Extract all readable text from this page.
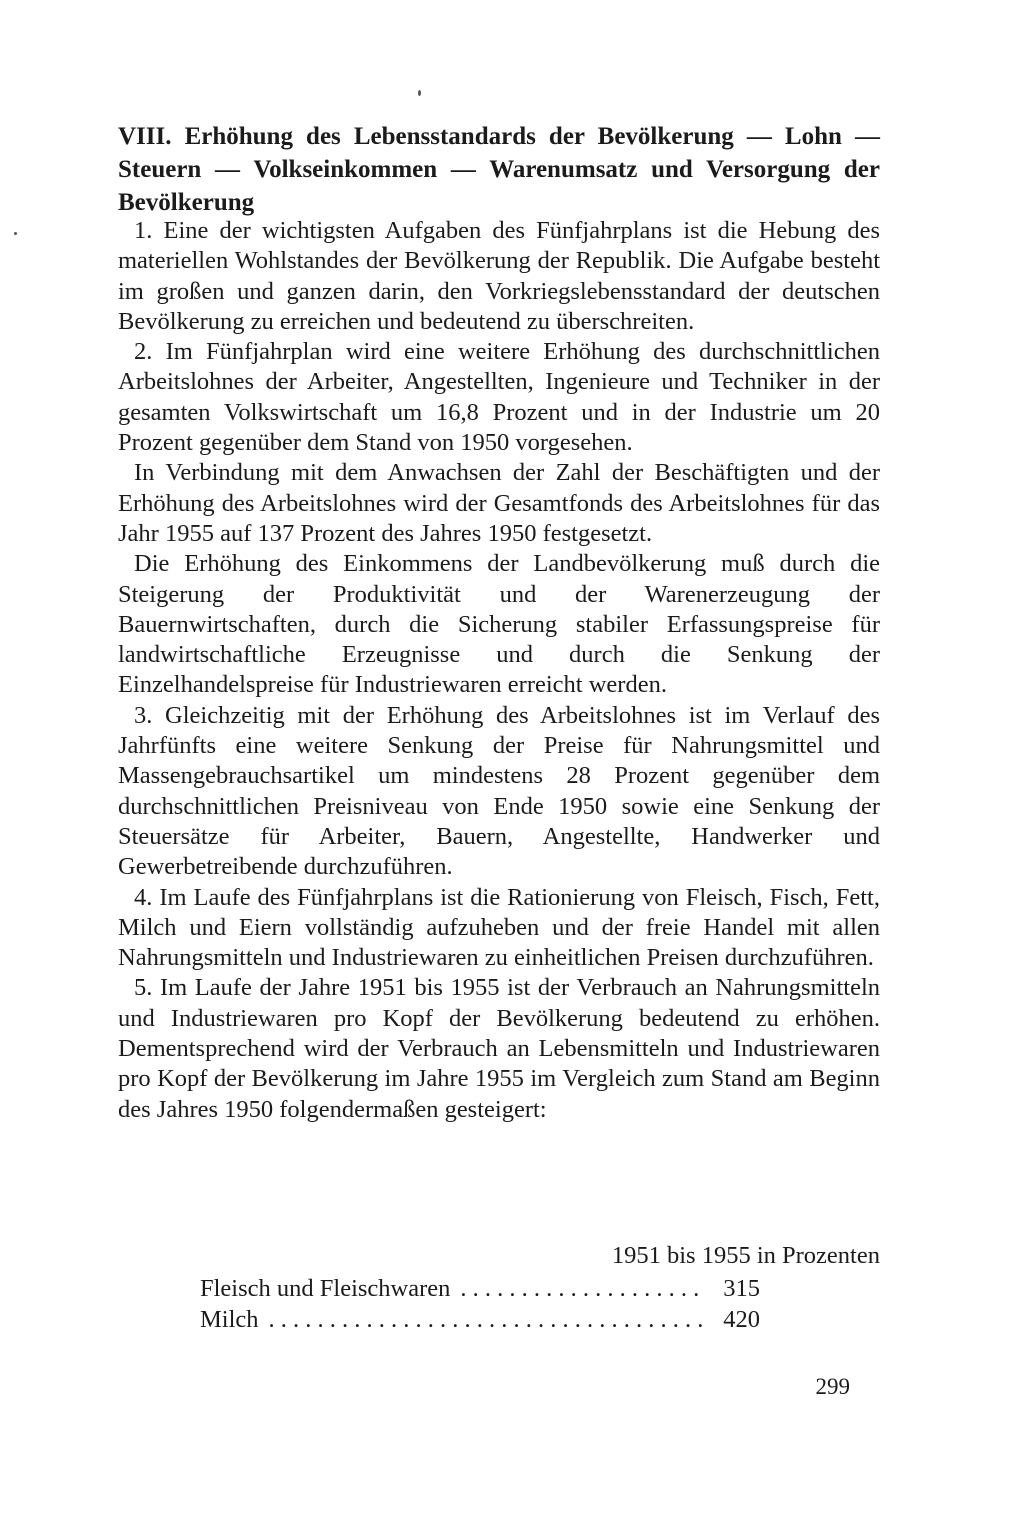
VIII. Erhöhung des Lebensstandards der Bevölkerung — Lohn — Steuern — Volkseinkommen — Warenumsatz und Versorgung der Bevölkerung

1. Eine der wichtigsten Aufgaben des Fünfjahrplans ist die Hebung des materiellen Wohlstandes der Bevölkerung der Republik. Die Aufgabe besteht im großen und ganzen darin, den Vorkriegslebensstandard der deutschen Bevölkerung zu erreichen und bedeutend zu überschreiten.

2. Im Fünfjahrplan wird eine weitere Erhöhung des durchschnittlichen Arbeitslohnes der Arbeiter, Angestellten, Ingenieure und Techniker in der gesamten Volkswirtschaft um 16,8 Prozent und in der Industrie um 20 Prozent gegenüber dem Stand von 1950 vorgesehen.

In Verbindung mit dem Anwachsen der Zahl der Beschäftigten und der Erhöhung des Arbeitslohnes wird der Gesamtfonds des Arbeitslohnes für das Jahr 1955 auf 137 Prozent des Jahres 1950 festgesetzt.

Die Erhöhung des Einkommens der Landbevölkerung muß durch die Steigerung der Produktivität und der Warenerzeugung der Bauernwirtschaften, durch die Sicherung stabiler Erfassungspreise für landwirtschaftliche Erzeugnisse und durch die Senkung der Einzelhandelspreise für Industriewaren erreicht werden.

3. Gleichzeitig mit der Erhöhung des Arbeitslohnes ist im Verlauf des Jahrfünfts eine weitere Senkung der Preise für Nahrungsmittel und Massengebrauchsartikel um mindestens 28 Prozent gegenüber dem durchschnittlichen Preisniveau von Ende 1950 sowie eine Senkung der Steuersätze für Arbeiter, Bauern, Angestellte, Handwerker und Gewerbetreibende durchzuführen.

4. Im Laufe des Fünfjahrplans ist die Rationierung von Fleisch, Fisch, Fett, Milch und Eiern vollständig aufzuheben und der freie Handel mit allen Nahrungsmitteln und Industriewaren zu einheitlichen Preisen durchzuführen.

5. Im Laufe der Jahre 1951 bis 1955 ist der Verbrauch an Nahrungsmitteln und Industriewaren pro Kopf der Bevölkerung bedeutend zu erhöhen. Dementsprechend wird der Verbrauch an Lebensmitteln und Industriewaren pro Kopf der Bevölkerung im Jahre 1955 im Vergleich zum Stand am Beginn des Jahres 1950 folgendermaßen gesteigert:

1951 bis 1955 in Prozenten
Fleisch und Fleischwaren . . .	315
Milch . . .	420
299
